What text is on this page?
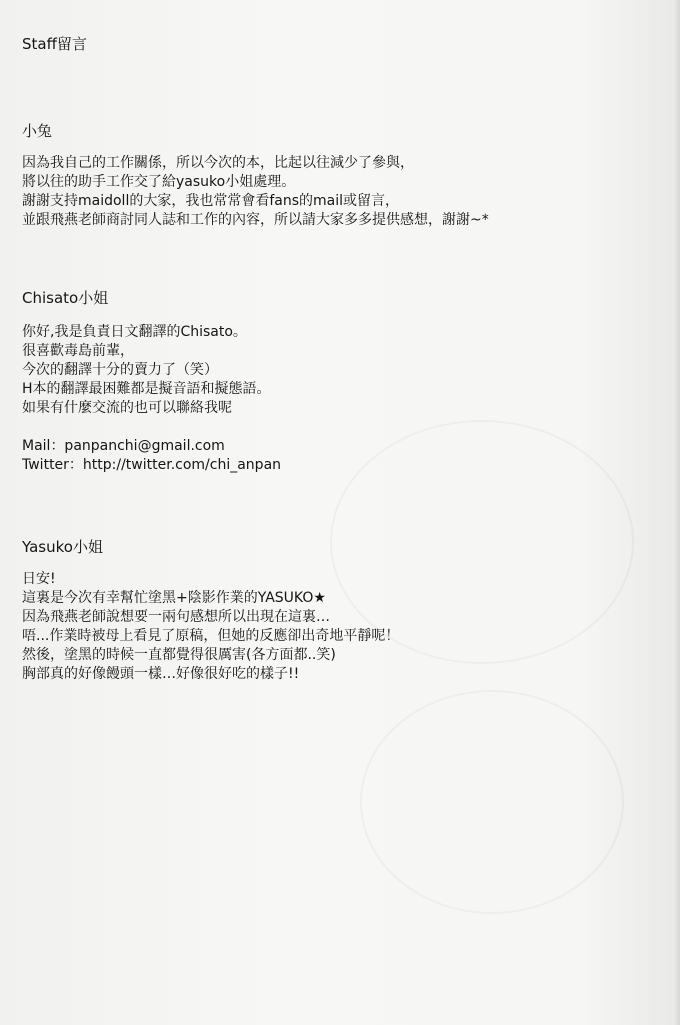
Staff留言
小兔
因為我自己的工作關係，所以今次的本，比起以往減少了參與，
將以往的助手工作交了給yasuko小姐處理。
謝謝支持maidoll的大家，我也常常會看fans的mail或留言，
並跟飛燕老師商討同人誌和工作的內容，所以請大家多多提供感想，謝謝~*
Chisato小姐
你好,我是負責日文翻譯的Chisato。
很喜歡毒島前輩，
今次的翻譯十分的賣力了（笑）
H本的翻譯最困難都是擬音語和擬態語。
如果有什麼交流的也可以聯絡我呢
Mail：panpanchi@gmail.com
Twitter：http://twitter.com/chi_anpan
Yasuko小姐
日安!
這裏是今次有幸幫忙塗黑+陰影作業的YASUKO★
因為飛燕老師說想要一兩句感想所以出現在這裏…
唔...作業時被母上看見了原稿，但她的反應卻出奇地平靜呢！
然後，塗黑的時候一直都覺得很厲害(各方面都..笑)
胸部真的好像饅頭一樣…好像很好吃的樣子!!
